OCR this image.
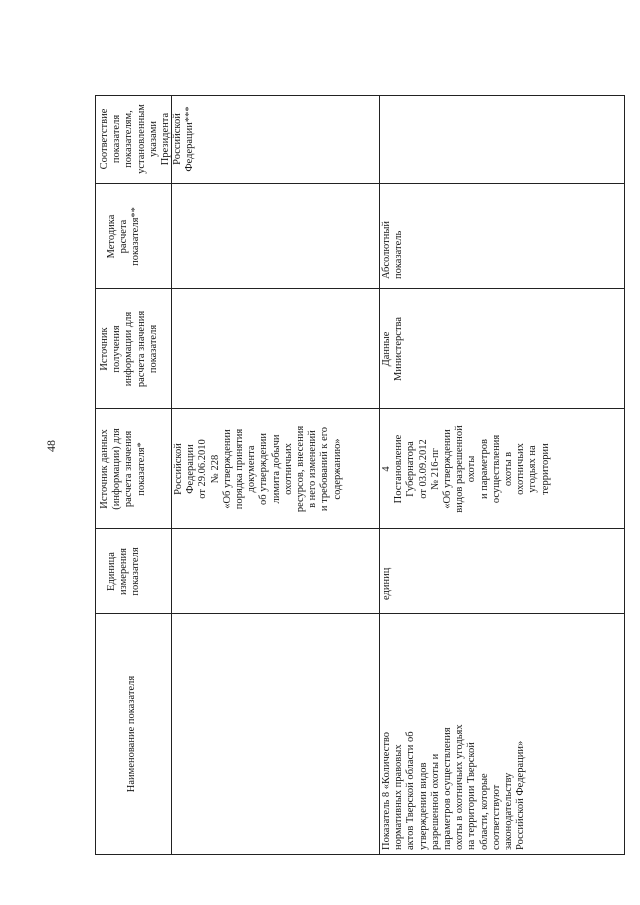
48
Наименование показателя
Единица
измерения
показателя
Источник данных
(информации) для
расчета значения
показателя*
Источник
получения
информации для
расчета значения
показателя
Методика
расчета
показателя**
Соответствие показателя
показателям,
установленным указами
Президента Российской
Федерации***
Российской
Федерации
от 29.06.2010
№ 228
«Об утверждении
порядка принятия
документа
об утверждении
лимита добычи
охотничьих
ресурсов, внесения
в него изменений
и требований к его
содержанию»
Показатель 8 «Количество
нормативных правовых
актов Тверской области об
утверждении видов
разрешенной охоты и
параметров осуществления
охоты в охотничьих угодьях
на территории Тверской
области, которые
соответствуют
законодательству
Российской Федерации»
единиц
4
Постановление
Губернатора
от 03.09.2012
№ 216-пг
«Об утверждении
видов разрешенной
охоты
и параметров
осуществления
охоты в
охотничьих
угодьях на
территории
Данные
Министерства
Абсолютный
показатель
